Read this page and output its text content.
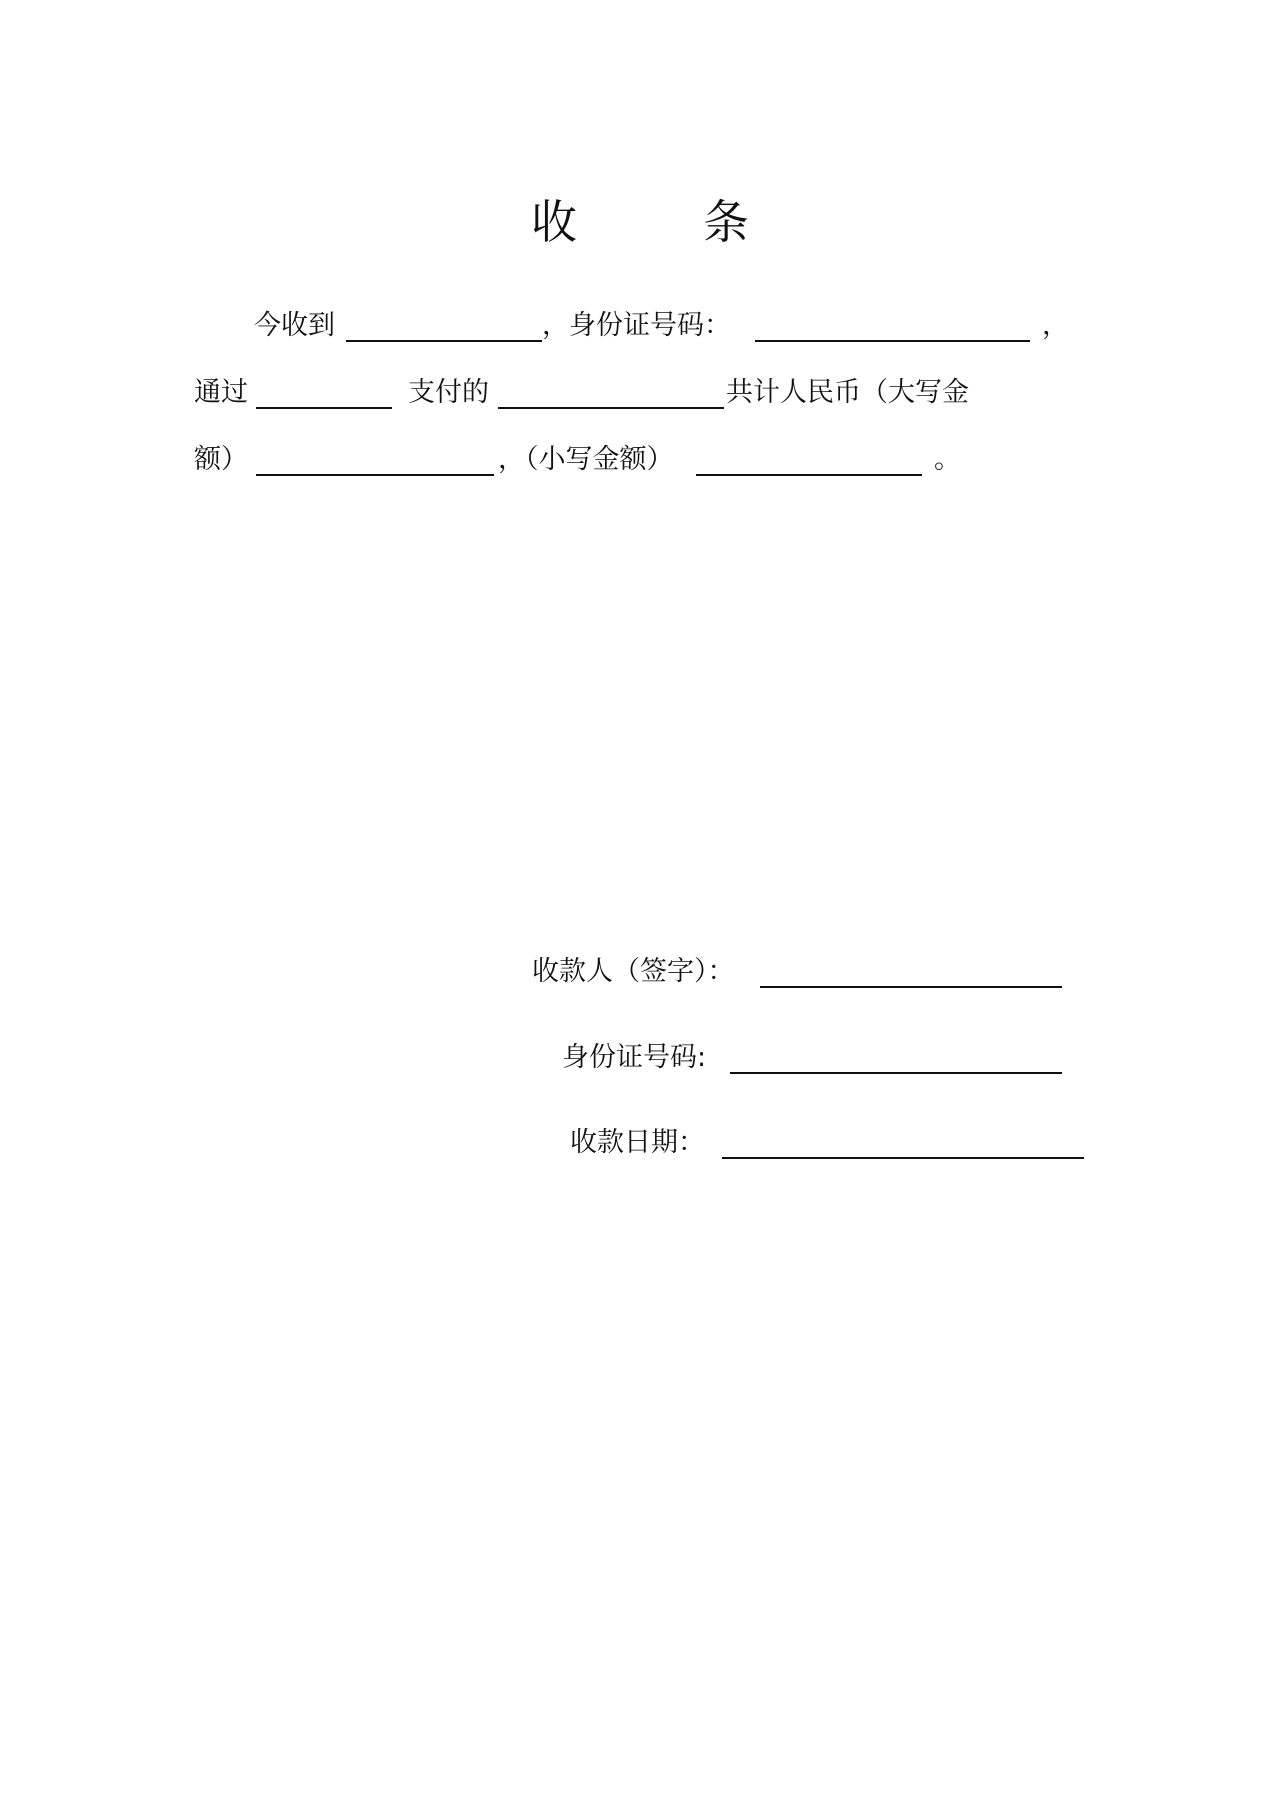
收　条
今收到	，身份证号码：	，
通过	支付的	共计人民币（大写金
额）	，（小写金额）	。
收款人（签字）：
身份证号码:
收款日期：
